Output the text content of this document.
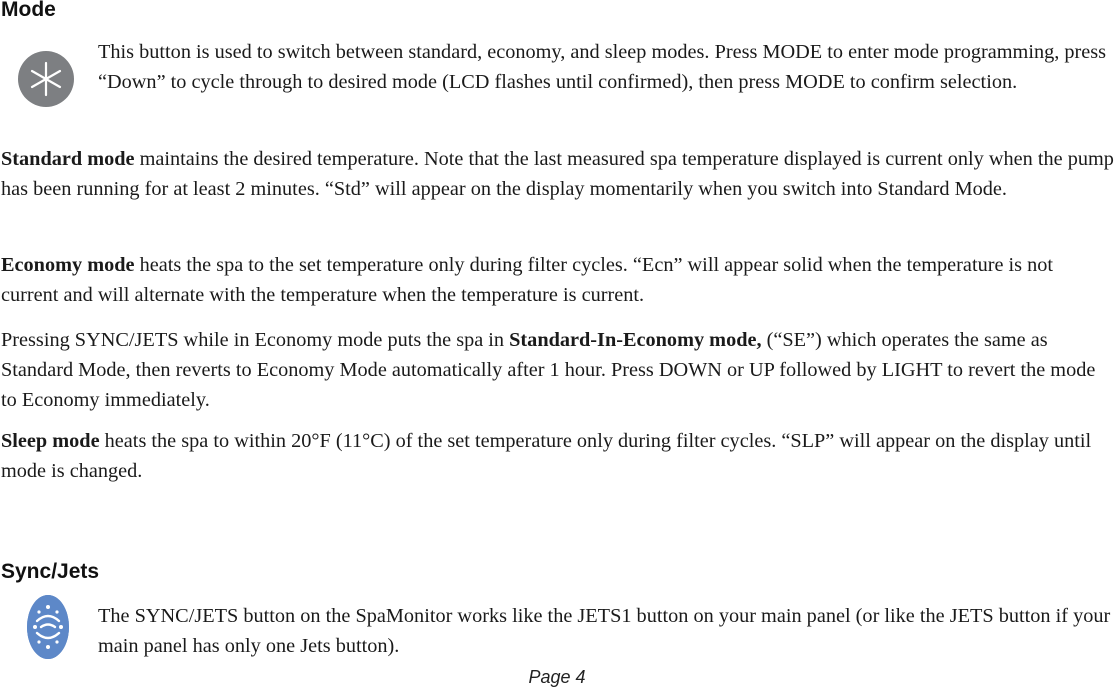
Mode

This button is used to switch between standard, economy, and sleep modes. Press MODE to enter mode programming, press “Down” to cycle through to desired mode (LCD flashes until confirmed), then press MODE to confirm selection.

Standard mode maintains the desired temperature. Note that the last measured spa temperature displayed is current only when the pump has been running for at least 2 minutes. “Std” will appear on the display momentarily when you switch into Standard Mode.

Economy mode heats the spa to the set temperature only during filter cycles. “Ecn” will appear solid when the temperature is not current and will alternate with the temperature when the temperature is current.

Pressing SYNC/JETS while in Economy mode puts the spa in Standard-In-Economy mode, (“SE”) which operates the same as Standard Mode, then reverts to Economy Mode automatically after 1 hour. Press DOWN or UP followed by LIGHT to revert the mode to Economy immediately.

Sleep mode heats the spa to within 20°F (11°C) of the set temperature only during filter cycles. “SLP” will appear on the display until mode is changed.

Sync/Jets

The SYNC/JETS button on the SpaMonitor works like the JETS1 button on your main panel (or like the JETS button if your main panel has only one Jets button).

Page 4
